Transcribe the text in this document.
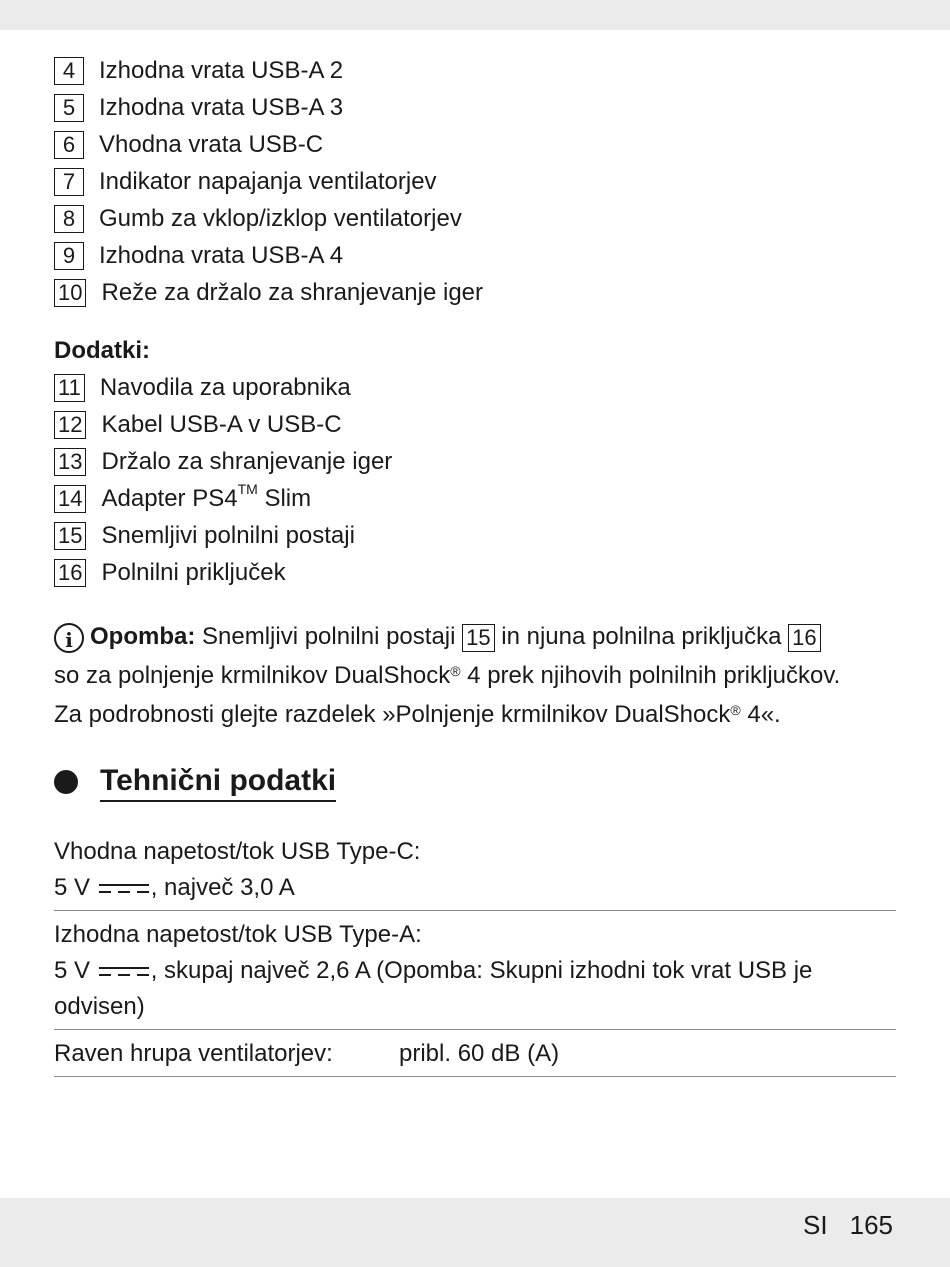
4 Izhodna vrata USB-A 2
5 Izhodna vrata USB-A 3
6 Vhodna vrata USB-C
7 Indikator napajanja ventilatorjev
8 Gumb za vklop/izklop ventilatorjev
9 Izhodna vrata USB-A 4
10 Reže za držalo za shranjevanje iger
Dodatki:
11 Navodila za uporabnika
12 Kabel USB-A v USB-C
13 Držalo za shranjevanje iger
14 Adapter PS4™ Slim
15 Snemljivi polnilni postaji
16 Polnilni priključek
i Opomba: Snemljivi polnilni postaji 15 in njuna polnilna priključka 16
so za polnjenje krmilnikov DualShock® 4 prek njihovih polnilnih priključkov.
Za podrobnosti glejte razdelek »Polnjenje krmilnikov DualShock® 4«.
Tehnični podatki
Vhodna napetost/tok USB Type-C:
5 V
, največ 3,0 A
Izhodna napetost/tok USB Type-A:
5 V
, skupaj največ 2,6 A (Opomba: Skupni izhodni tok vrat USB je
odvisen)
Raven hrupa ventilatorjev:	pribl. 60 dB (A)
SI 165
